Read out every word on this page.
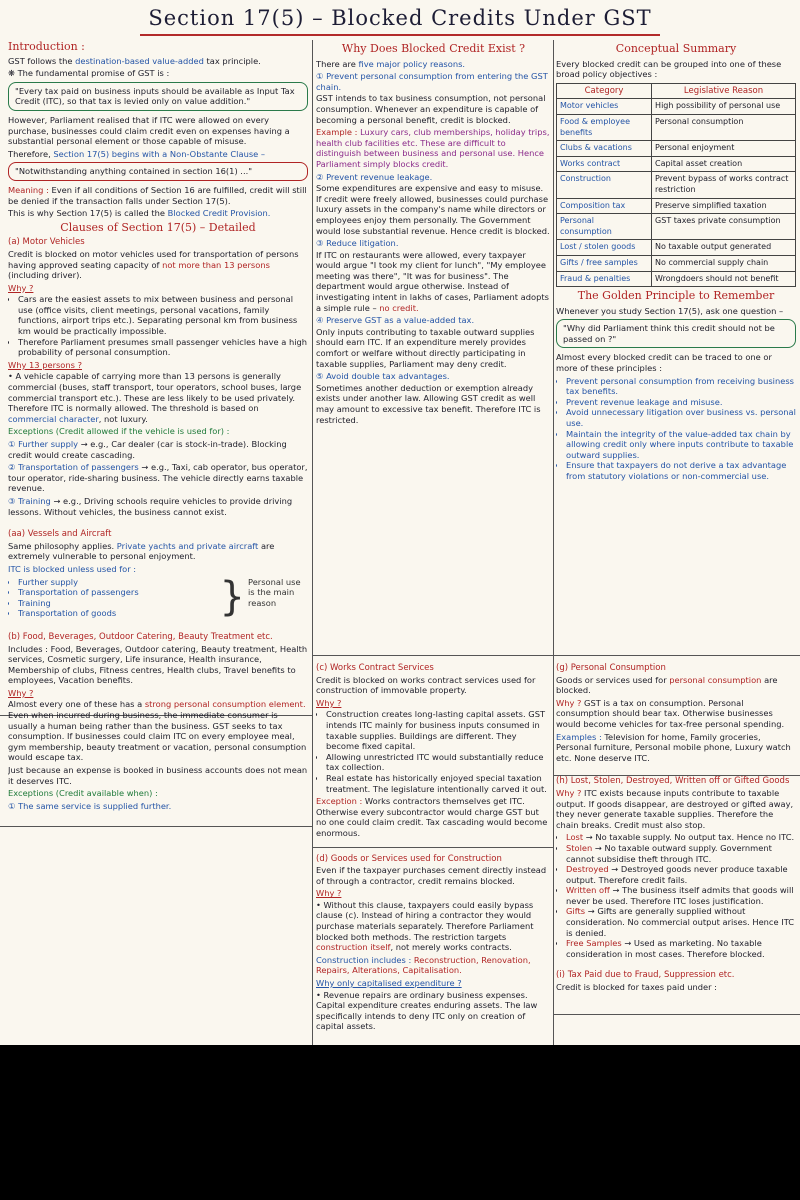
Section 17(5) – Blocked Credits Under GST
Introduction :

GST follows the destination-based value-added tax principle.

❋ The fundamental promise of GST is :

"Every tax paid on business inputs should be available as Input Tax Credit (ITC), so that tax is levied only on value addition."

However, Parliament realised that if ITC were allowed on every purchase, businesses could claim credit even on expenses having a substantial personal element or those capable of misuse.

Therefore, Section 17(5) begins with a Non-Obstante Clause –

"Notwithstanding anything contained in section 16(1) ..."

Meaning : Even if all conditions of Section 16 are fulfilled, credit will still be denied if the transaction falls under Section 17(5).

This is why Section 17(5) is called the Blocked Credit Provision.

Clauses of Section 17(5) – Detailed
(a) Motor Vehicles

Credit is blocked on motor vehicles used for transportation of persons having approved seating capacity of not more than 13 persons (including driver).

Why ?
• Cars are the easiest assets to mix between business and personal use (office visits, client meetings, personal vacations, family functions, airport trips etc.). Separating personal km from business km would be practically impossible.
• Therefore Parliament presumes small passenger vehicles have a high probability of personal consumption.
Why 13 persons ?

• A vehicle capable of carrying more than 13 persons is generally commercial (buses, staff transport, tour operators, school buses, large commercial transport etc.). These are less likely to be used privately. Therefore ITC is normally allowed. The threshold is based on commercial character, not luxury.

Exceptions (Credit allowed if the vehicle is used for) :

① Further supply → e.g., Car dealer (car is stock-in-trade). Blocking credit would create cascading.

② Transportation of passengers → e.g., Taxi, cab operator, bus operator, tour operator, ride-sharing business. The vehicle directly earns taxable revenue.

③ Training → e.g., Driving schools require vehicles to provide driving lessons. Without vehicles, the business cannot exist.

(aa) Vessels and Aircraft

Same philosophy applies. Private yachts and private aircraft are extremely vulnerable to personal enjoyment.

ITC is blocked unless used for :

• Further supply
• Transportation of passengers
• Training
• Transportation of goods	} Personal use is the main reason
(b) Food, Beverages, Outdoor Catering, Beauty Treatment etc.

Includes : Food, Beverages, Outdoor catering, Beauty treatment, Health services, Cosmetic surgery, Life insurance, Health insurance, Membership of clubs, Fitness centres, Health clubs, Travel benefits to employees, Vacation benefits.

Why ?

Almost every one of these has a strong personal consumption element. Even when incurred during business, the immediate consumer is usually a human being rather than the business. GST seeks to tax consumption. If businesses could claim ITC on every employee meal, gym membership, beauty treatment or vacation, personal consumption would escape tax.

Just because an expense is booked in business accounts does not mean it deserves ITC.

Exceptions (Credit available when) :

① The same service is supplied further.

Why Does Blocked Credit Exist ?

There are five major policy reasons.

① Prevent personal consumption from entering the GST chain.

GST intends to tax business consumption, not personal consumption. Whenever an expenditure is capable of becoming a personal benefit, credit is blocked.

Example : Luxury cars, club memberships, holiday trips, health club facilities etc. These are difficult to distinguish between business and personal use. Hence Parliament simply blocks credit.

② Prevent revenue leakage.

Some expenditures are expensive and easy to misuse. If credit were freely allowed, businesses could purchase luxury assets in the company's name while directors or employees enjoy them personally. The Government would lose substantial revenue. Hence credit is blocked.

③ Reduce litigation.

If ITC on restaurants were allowed, every taxpayer would argue "I took my client for lunch", "My employee meeting was there", "It was for business". The department would argue otherwise. Instead of investigating intent in lakhs of cases, Parliament adopts a simple rule – no credit.

④ Preserve GST as a value-added tax.

Only inputs contributing to taxable outward supplies should earn ITC. If an expenditure merely provides comfort or welfare without directly participating in taxable supplies, Parliament may deny credit.

⑤ Avoid double tax advantages.

Sometimes another deduction or exemption already exists under another law. Allowing GST credit as well may amount to excessive tax benefit. Therefore ITC is restricted.

(c) Works Contract Services

Credit is blocked on works contract services used for construction of immovable property.

Why ?
• Construction creates long-lasting capital assets. GST intends ITC mainly for business inputs consumed in taxable supplies. Buildings are different. They become fixed capital.
• Allowing unrestricted ITC would substantially reduce tax collection.
• Real estate has historically enjoyed special taxation treatment. The legislature intentionally carved it out.

Exception : Works contractors themselves get ITC. Otherwise every subcontractor would charge GST but no one could claim credit. Tax cascading would become enormous.

(d) Goods or Services used for Construction

Even if the taxpayer purchases cement directly instead of through a contractor, credit remains blocked.

Why ?

• Without this clause, taxpayers could easily bypass clause (c). Instead of hiring a contractor they would purchase materials separately. Therefore Parliament blocked both methods. The restriction targets construction itself, not merely works contracts.

Construction includes : Reconstruction, Renovation, Repairs, Alterations, Capitalisation.

Why only capitalised expenditure ?

• Revenue repairs are ordinary business expenses. Capital expenditure creates enduring assets. The law specifically intends to deny ITC only on creation of capital assets.

Conceptual Summary

Every blocked credit can be grouped into one of these broad policy objectives :

Category	Legislative Reason
Motor vehicles	High possibility of personal use
Food & employee benefits	Personal consumption
Clubs & vacations	Personal enjoyment
Works contract	Capital asset creation
Construction	Prevent bypass of works contract restriction
Composition tax	Preserve simplified taxation
Personal consumption	GST taxes private consumption
Lost / stolen goods	No taxable output generated
Gifts / free samples	No commercial supply chain
Fraud & penalties	Wrongdoers should not benefit
The Golden Principle to Remember

Whenever you study Section 17(5), ask one question –

"Why did Parliament think this credit should not be passed on ?"

Almost every blocked credit can be traced to one or more of these principles :

• Prevent personal consumption from receiving business tax benefits.
• Prevent revenue leakage and misuse.
• Avoid unnecessary litigation over business vs. personal use.
• Maintain the integrity of the value-added tax chain by allowing credit only where inputs contribute to taxable outward supplies.
• Ensure that taxpayers do not derive a tax advantage from statutory violations or non-commercial use.
(g) Personal Consumption

Goods or services used for personal consumption are blocked.

Why ? GST is a tax on consumption. Personal consumption should bear tax. Otherwise businesses would become vehicles for tax-free personal spending.

Examples : Television for home, Family groceries, Personal furniture, Personal mobile phone, Luxury watch etc. None deserve ITC.

(h) Lost, Stolen, Destroyed, Written off or Gifted Goods

Why ? ITC exists because inputs contribute to taxable output. If goods disappear, are destroyed or gifted away, they never generate taxable supplies. Therefore the chain breaks. Credit must also stop.

• Lost → No taxable supply. No output tax. Hence no ITC.
• Stolen → No taxable outward supply. Government cannot subsidise theft through ITC.
• Destroyed → Destroyed goods never produce taxable output. Therefore credit fails.
• Written off → The business itself admits that goods will never be used. Therefore ITC loses justification.
• Gifts → Gifts are generally supplied without consideration. No commercial output arises. Hence ITC is denied.
• Free Samples → Used as marketing. No taxable consideration in most cases. Therefore blocked.
(i) Tax Paid due to Fraud, Suppression etc.

Credit is blocked for taxes paid under :
